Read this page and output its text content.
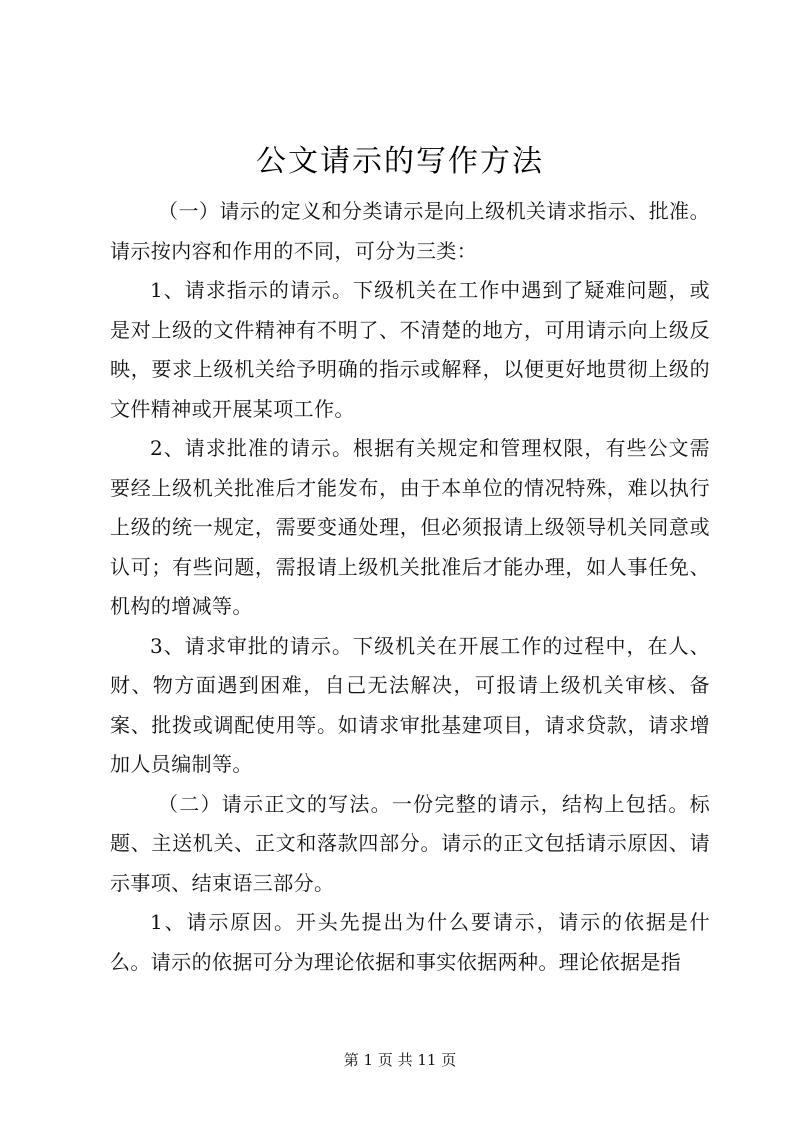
公文请示的写作方法

（一）请示的定义和分类请示是向上级机关请求指示、批准。请示按内容和作用的不同，可分为三类：

1、请求指示的请示。下级机关在工作中遇到了疑难问题，或是对上级的文件精神有不明了、不清楚的地方，可用请示向上级反映，要求上级机关给予明确的指示或解释，以便更好地贯彻上级的文件精神或开展某项工作。

2、请求批准的请示。根据有关规定和管理权限，有些公文需要经上级机关批准后才能发布，由于本单位的情况特殊，难以执行上级的统一规定，需要变通处理，但必须报请上级领导机关同意或认可；有些问题，需报请上级机关批准后才能办理，如人事任免、机构的增减等。

3、请求审批的请示。下级机关在开展工作的过程中，在人、财、物方面遇到困难，自己无法解决，可报请上级机关审核、备案、批拨或调配使用等。如请求审批基建项目，请求贷款，请求增加人员编制等。

（二）请示正文的写法。一份完整的请示，结构上包括。标题、主送机关、正文和落款四部分。请示的正文包括请示原因、请示事项、结束语三部分。

1、请示原因。开头先提出为什么要请示，请示的依据是什么。请示的依据可分为理论依据和事实依据两种。理论依据是指

第 1 页 共 11 页
